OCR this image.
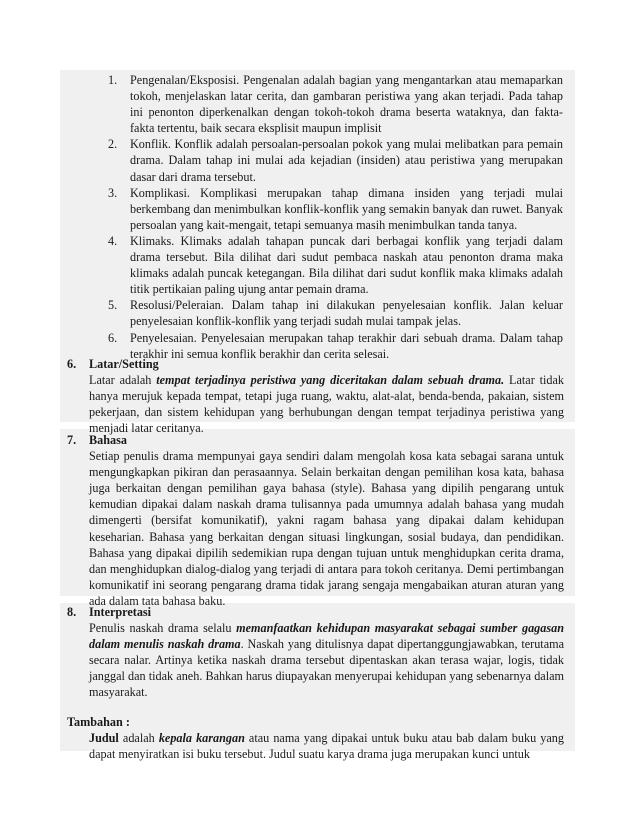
1.	Pengenalan/Eksposisi. Pengenalan adalah bagian yang mengantarkan atau memaparkan tokoh, menjelaskan latar cerita, dan gambaran peristiwa yang akan terjadi. Pada tahap ini penonton diperkenalkan dengan tokoh-tokoh drama beserta wataknya, dan fakta-fakta tertentu, baik secara eksplisit maupun implisit

2.	Konflik. Konflik adalah persoalan-persoalan pokok yang mulai melibatkan para pemain drama. Dalam tahap ini mulai ada kejadian (insiden) atau peristiwa yang merupakan dasar dari drama tersebut.

3.	Komplikasi. Komplikasi merupakan tahap dimana insiden yang terjadi mulai berkembang dan menimbulkan konflik-konflik yang semakin banyak dan ruwet. Banyak persoalan yang kait-mengait, tetapi semuanya masih menimbulkan tanda tanya.

4.	Klimaks. Klimaks adalah tahapan puncak dari berbagai konflik yang terjadi dalam drama tersebut. Bila dilihat dari sudut pembaca naskah atau penonton drama maka klimaks adalah puncak ketegangan. Bila dilihat dari sudut konflik maka klimaks adalah titik pertikaian paling ujung antar pemain drama.

5.	Resolusi/Peleraian. Dalam tahap ini dilakukan penyelesaian konflik. Jalan keluar penyelesaian konflik-konflik yang terjadi sudah mulai tampak jelas.

6.	Penyelesaian. Penyelesaian merupakan tahap terakhir dari sebuah drama. Dalam tahap terakhir ini semua konflik berakhir dan cerita selesai.

6.	Latar/Setting

Latar adalah tempat terjadinya peristiwa yang diceritakan dalam sebuah drama. Latar tidak hanya merujuk kepada tempat, tetapi juga ruang, waktu, alat-alat, benda-benda, pakaian, sistem pekerjaan, dan sistem kehidupan yang berhubungan dengan tempat terjadinya peristiwa yang menjadi latar ceritanya.

7.	Bahasa

Setiap penulis drama mempunyai gaya sendiri dalam mengolah kosa kata sebagai sarana untuk mengungkapkan pikiran dan perasaannya. Selain berkaitan dengan pemilihan kosa kata, bahasa juga berkaitan dengan pemilihan gaya bahasa (style). Bahasa yang dipilih pengarang untuk kemudian dipakai dalam naskah drama tulisannya pada umumnya adalah bahasa yang mudah dimengerti (bersifat komunikatif), yakni ragam bahasa yang dipakai dalam kehidupan keseharian. Bahasa yang berkaitan dengan situasi lingkungan, sosial budaya, dan pendidikan. Bahasa yang dipakai dipilih sedemikian rupa dengan tujuan untuk menghidupkan cerita drama, dan menghidupkan dialog-dialog yang terjadi di antara para tokoh ceritanya. Demi pertimbangan komunikatif ini seorang pengarang drama tidak jarang sengaja mengabaikan aturan aturan yang ada dalam tata bahasa baku.

8.	Interpretasi

Penulis naskah drama selalu memanfaatkan kehidupan masyarakat sebagai sumber gagasan dalam menulis naskah drama. Naskah yang ditulisnya dapat dipertanggungjawabkan, terutama secara nalar. Artinya ketika naskah drama tersebut dipentaskan akan terasa wajar, logis, tidak janggal dan tidak aneh. Bahkan harus diupayakan menyerupai kehidupan yang sebenarnya dalam masyarakat.

Tambahan :

Judul adalah kepala karangan atau nama yang dipakai untuk buku atau bab dalam buku yang dapat menyiratkan isi buku tersebut. Judul suatu karya drama juga merupakan kunci untuk
